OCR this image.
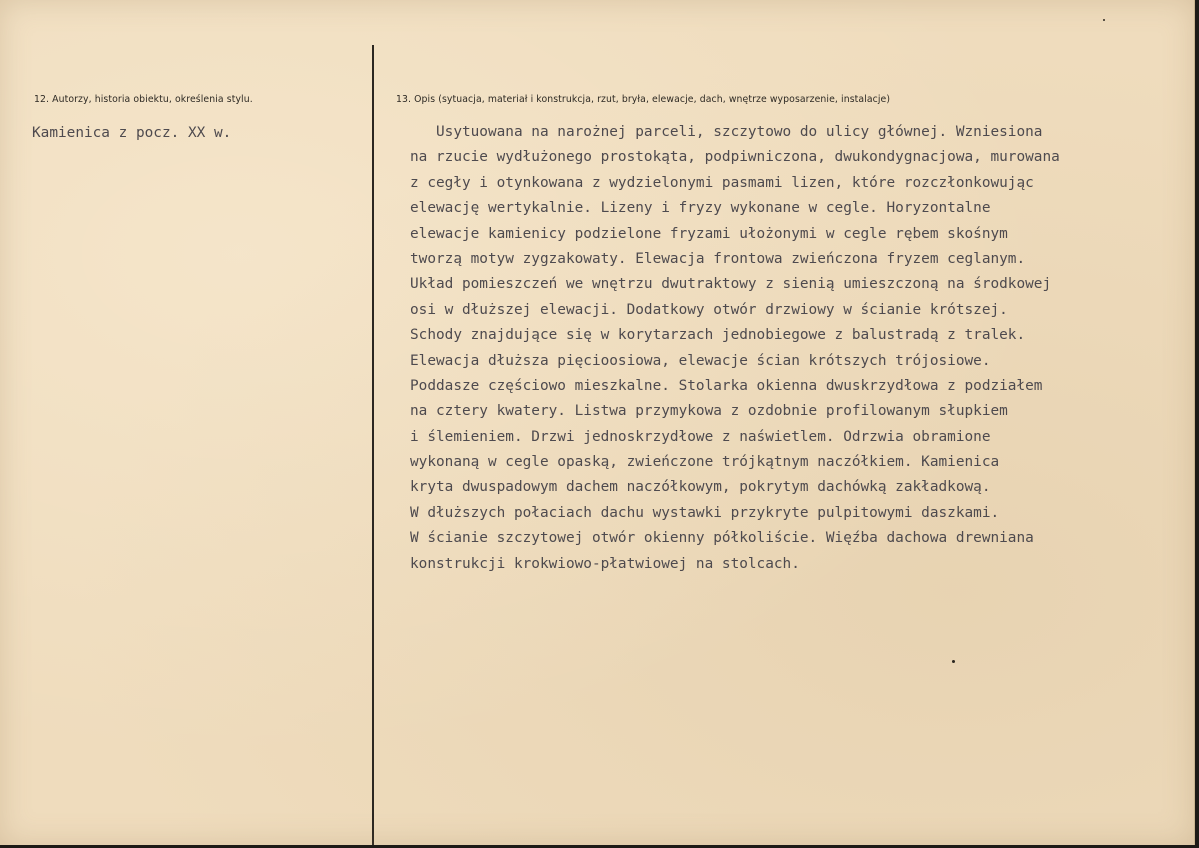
12. Autorzy, historia obiektu, określenia stylu.
Kamienica z pocz. XX w.
13. Opis (sytuacja, materiał i konstrukcja, rzut, bryła, elewacje, dach, wnętrze wyposarzenie, instalacje)
Usytuowana na narożnej parceli, szczytowo do ulicy głównej. Wzniesiona
na rzucie wydłużonego prostokąta, podpiwniczona, dwukondygnacjowa, murowana
z cegły i otynkowana z wydzielonymi pasmami lizen, które rozczłonkowując
elewację wertykalnie. Lizeny i fryzy wykonane w cegle. Horyzontalne
elewacje kamienicy podzielone fryzami ułożonymi w cegle rębem skośnym
tworzą motyw zygzakowaty. Elewacja frontowa zwieńczona fryzem ceglanym.
Układ pomieszczeń we wnętrzu dwutraktowy z sienią umieszczoną na środkowej
osi w dłuższej elewacji. Dodatkowy otwór drzwiowy w ścianie krótszej.
Schody znajdujące się w korytarzach jednobiegowe z balustradą z tralek.
Elewacja dłuższa pięcioosiowa, elewacje ścian krótszych trójosiowe.
Poddasze częściowo mieszkalne. Stolarka okienna dwuskrzydłowa z podziałem
na cztery kwatery. Listwa przymykowa z ozdobnie profilowanym słupkiem
i ślemieniem. Drzwi jednoskrzydłowe z naświetlem. Odrzwia obramione
wykonaną w cegle opaską, zwieńczone trójkątnym naczółkiem. Kamienica
kryta dwuspadowym dachem naczółkowym, pokrytym dachówką zakładkową.
W dłuższych połaciach dachu wystawki przykryte pulpitowymi daszkami.
W ścianie szczytowej otwór okienny półkoliście. Więźba dachowa drewniana
konstrukcji krokwiowo-płatwiowej na stolcach.
